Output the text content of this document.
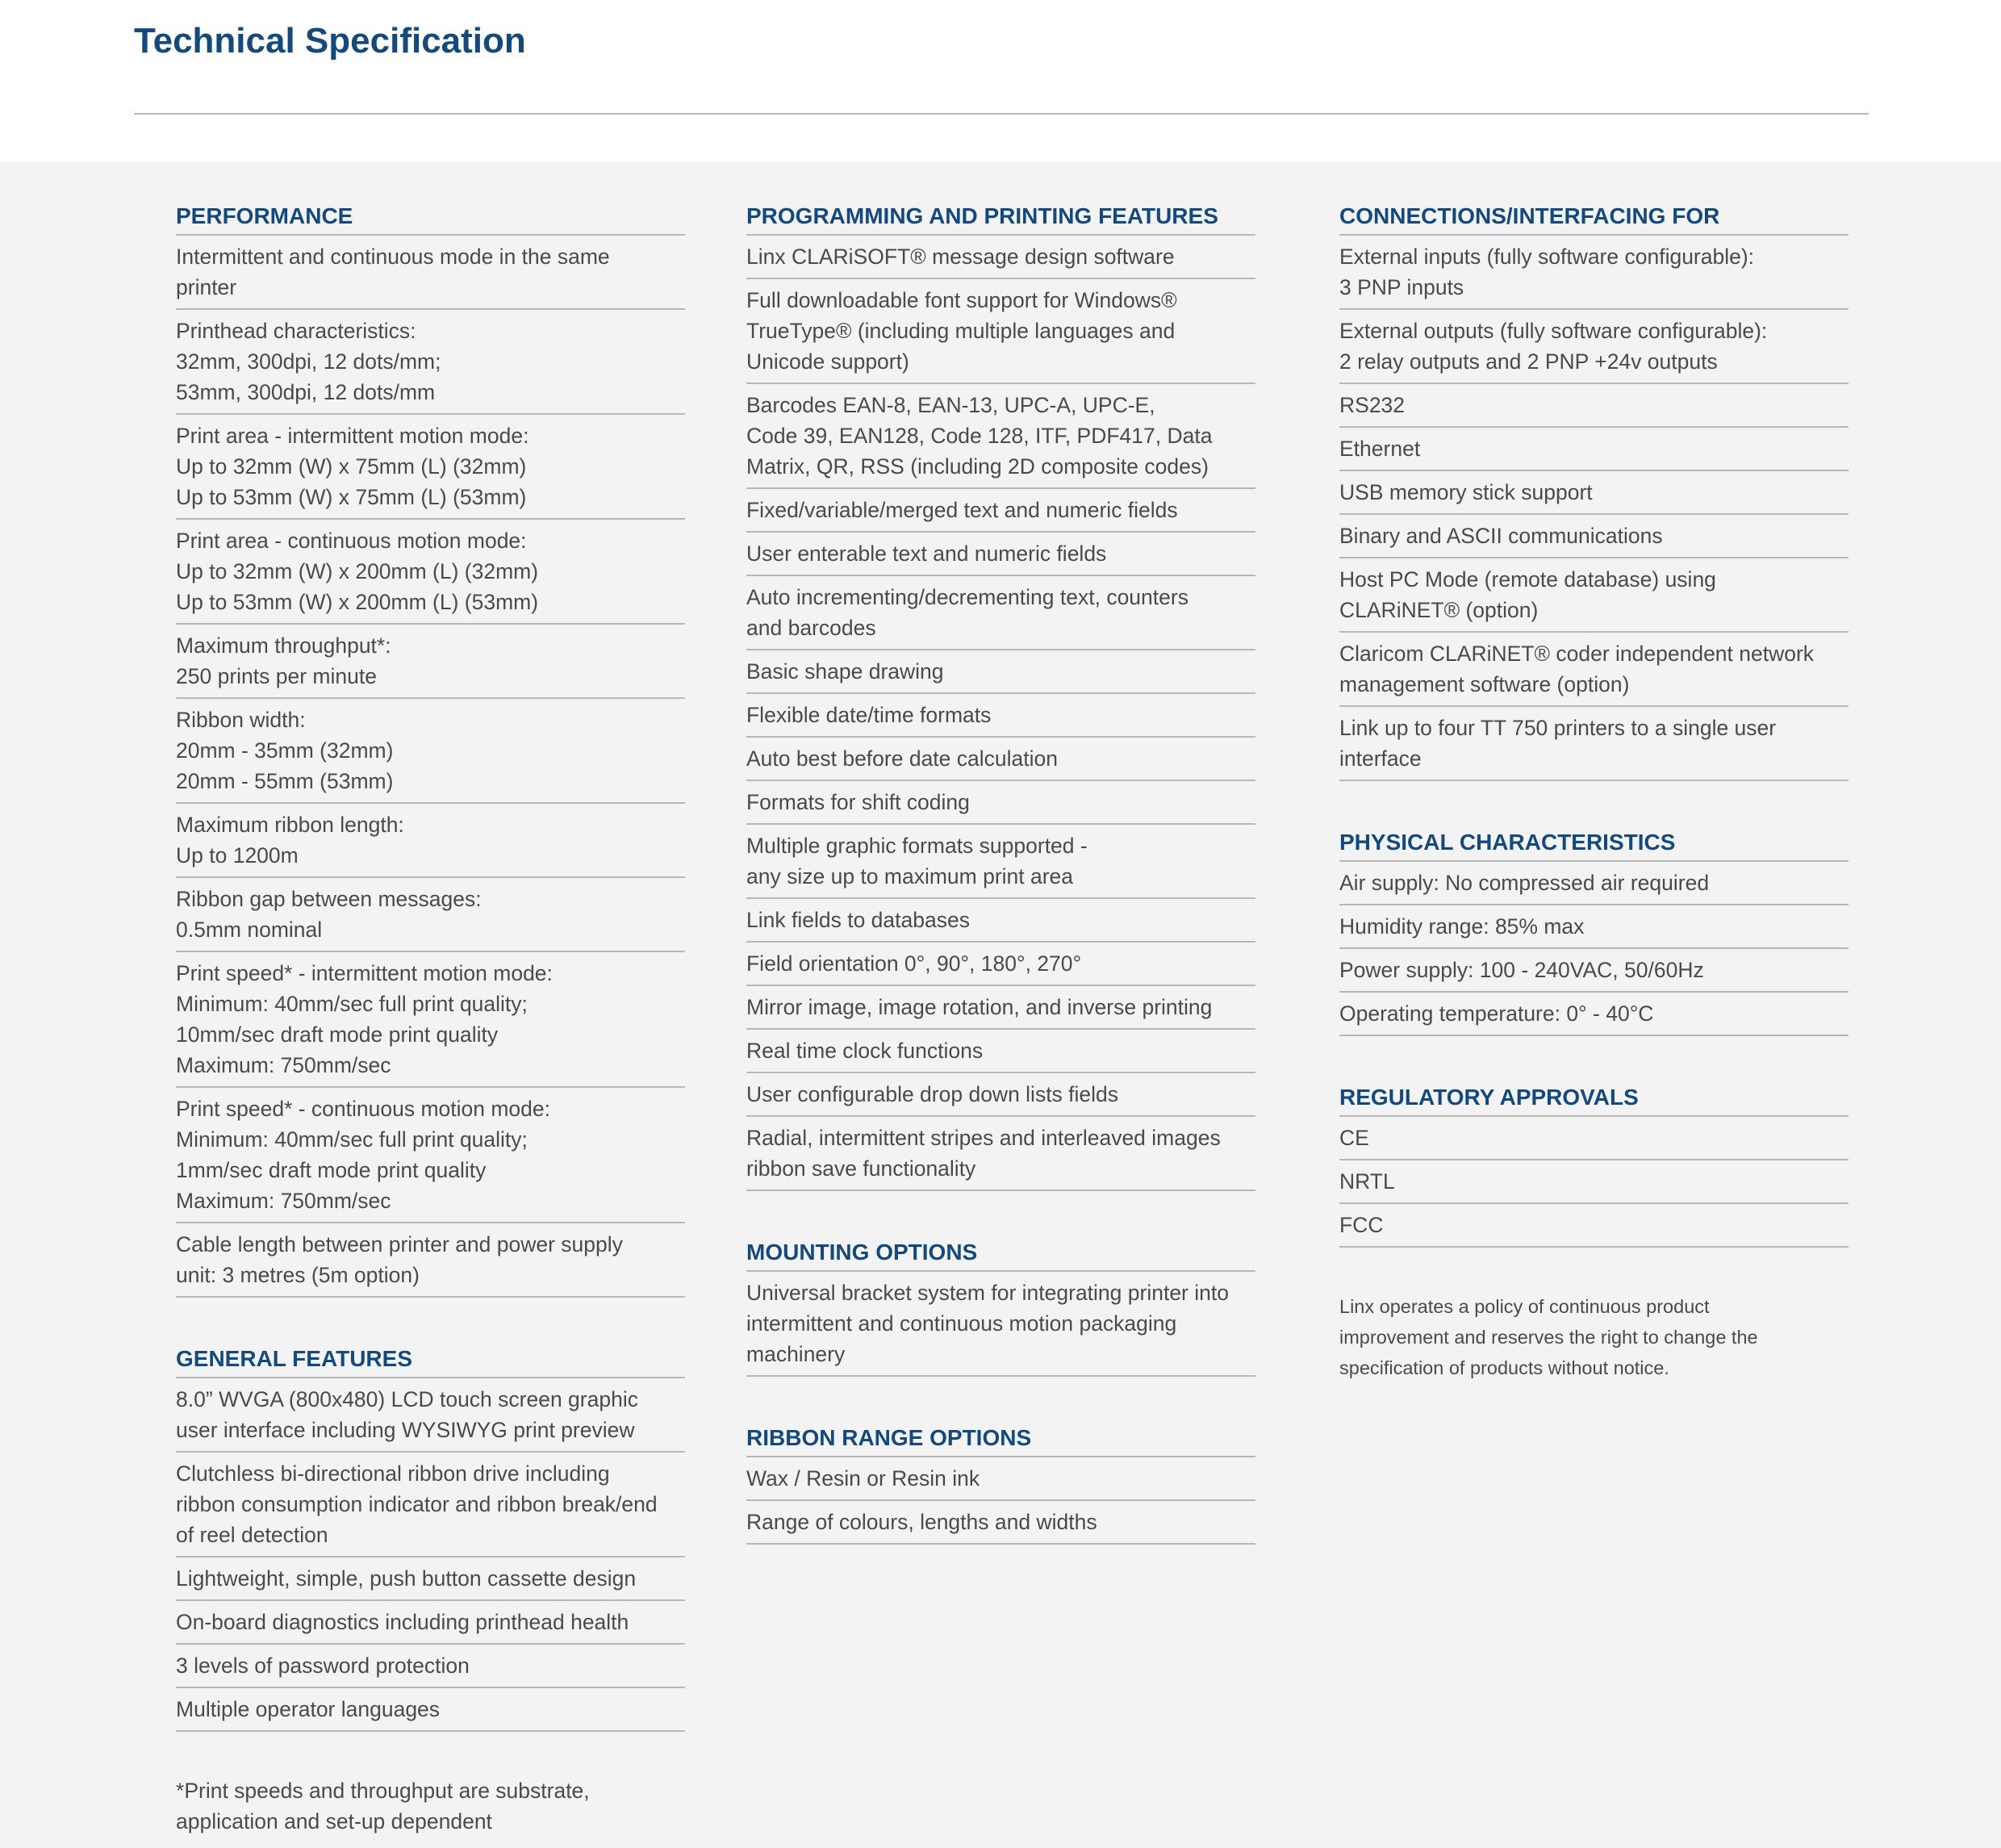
Technical Specification
PERFORMANCE
Intermittent and continuous mode in the same
printer
Printhead characteristics:
32mm, 300dpi, 12 dots/mm;
53mm, 300dpi, 12 dots/mm
Print area - intermittent motion mode:
Up to 32mm (W) x 75mm (L) (32mm)
Up to 53mm (W) x 75mm (L) (53mm)
Print area - continuous motion mode:
Up to 32mm (W) x 200mm (L) (32mm)
Up to 53mm (W) x 200mm (L) (53mm)
Maximum throughput*:
250 prints per minute
Ribbon width:
20mm - 35mm (32mm)
20mm - 55mm (53mm)
Maximum ribbon length:
Up to 1200m
Ribbon gap between messages:
0.5mm nominal
Print speed* - intermittent motion mode:
Minimum: 40mm/sec full print quality;
10mm/sec draft mode print quality
Maximum: 750mm/sec
Print speed* - continuous motion mode:
Minimum: 40mm/sec full print quality;
1mm/sec draft mode print quality
Maximum: 750mm/sec
Cable length between printer and power supply
unit: 3 metres (5m option)
GENERAL FEATURES
8.0” WVGA (800x480) LCD touch screen graphic
user interface including WYSIWYG print preview
Clutchless bi-directional ribbon drive including
ribbon consumption indicator and ribbon break/end
of reel detection
Lightweight, simple, push button cassette design
On-board diagnostics including printhead health
3 levels of password protection
Multiple operator languages
*Print speeds and throughput are substrate,
application and set-up dependent
PROGRAMMING AND PRINTING FEATURES
Linx CLARiSOFT® message design software
Full downloadable font support for Windows®
TrueType® (including multiple languages and
Unicode support)
Barcodes EAN-8, EAN-13, UPC-A, UPC-E,
Code 39, EAN128, Code 128, ITF, PDF417, Data
Matrix, QR, RSS (including 2D composite codes)
Fixed/variable/merged text and numeric fields
User enterable text and numeric fields
Auto incrementing/decrementing text, counters
and barcodes
Basic shape drawing
Flexible date/time formats
Auto best before date calculation
Formats for shift coding
Multiple graphic formats supported -
any size up to maximum print area
Link fields to databases
Field orientation 0°, 90°, 180°, 270°
Mirror image, image rotation, and inverse printing
Real time clock functions
User configurable drop down lists fields
Radial, intermittent stripes and interleaved images
ribbon save functionality
MOUNTING OPTIONS
Universal bracket system for integrating printer into
intermittent and continuous motion packaging
machinery
RIBBON RANGE OPTIONS
Wax / Resin or Resin ink
Range of colours, lengths and widths
CONNECTIONS/INTERFACING FOR
External inputs (fully software configurable):
3 PNP inputs
External outputs (fully software configurable):
2 relay outputs and 2 PNP +24v outputs
RS232
Ethernet
USB memory stick support
Binary and ASCII communications
Host PC Mode (remote database) using
CLARiNET® (option)
Claricom CLARiNET® coder independent network
management software (option)
Link up to four TT 750 printers to a single user
interface
PHYSICAL CHARACTERISTICS
Air supply: No compressed air required
Humidity range: 85% max
Power supply: 100 - 240VAC, 50/60Hz
Operating temperature: 0° - 40°C
REGULATORY APPROVALS
CE
NRTL
FCC
Linx operates a policy of continuous product
improvement and reserves the right to change the
specification of products without notice.
